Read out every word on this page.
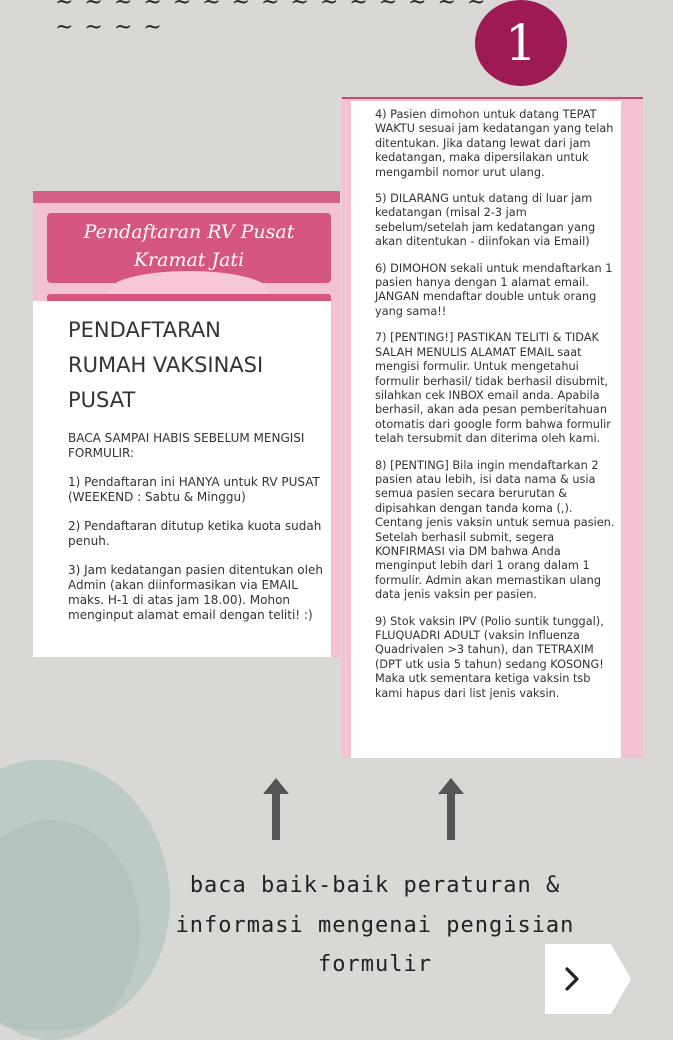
~ ~ ~ ~ ~ ~ ~ ~ ~ ~ ~ ~ ~ ~ ~ ~ ~ ~ ~	1
Pendaftaran RV Pusat
Kramat Jati
PENDAFTARAN
RUMAH VAKSINASI
PUSAT

BACA SAMPAI HABIS SEBELUM MENGISI FORMULIR:

1) Pendaftaran ini HANYA untuk RV PUSAT (WEEKEND : Sabtu & Minggu)

2) Pendaftaran ditutup ketika kuota sudah penuh.

3) Jam kedatangan pasien ditentukan oleh Admin (akan diinformasikan via EMAIL maks. H-1 di atas jam 18.00). Mohon menginput alamat email dengan teliti! :)

4) Pasien dimohon untuk datang TEPAT WAKTU sesuai jam kedatangan yang telah ditentukan. Jika datang lewat dari jam kedatangan, maka dipersilakan untuk mengambil nomor urut ulang.

5) DILARANG untuk datang di luar jam kedatangan (misal 2-3 jam sebelum/setelah jam kedatangan yang akan ditentukan - diinfokan via Email)

6) DIMOHON sekali untuk mendaftarkan 1 pasien hanya dengan 1 alamat email. JANGAN mendaftar double untuk orang yang sama!!

7) [PENTING!] PASTIKAN TELITI & TIDAK SALAH MENULIS ALAMAT EMAIL saat mengisi formulir. Untuk mengetahui formulir berhasil/ tidak berhasil disubmit, silahkan cek INBOX email anda. Apabila berhasil, akan ada pesan pemberitahuan otomatis dari google form bahwa formulir telah tersubmit dan diterima oleh kami.

8) [PENTING] Bila ingin mendaftarkan 2 pasien atau lebih, isi data nama & usia semua pasien secara berurutan & dipisahkan dengan tanda koma (,). Centang jenis vaksin untuk semua pasien. Setelah berhasil submit, segera KONFIRMASI via DM bahwa Anda menginput lebih dari 1 orang dalam 1 formulir. Admin akan memastikan ulang data jenis vaksin per pasien.

9) Stok vaksin IPV (Polio suntik tunggal), FLUQUADRI ADULT (vaksin Influenza Quadrivalen >3 tahun), dan TETRAXIM (DPT utk usia 5 tahun) sedang KOSONG! Maka utk sementara ketiga vaksin tsb kami hapus dari list jenis vaksin.

baca baik-baik peraturan &
informasi mengenai pengisian
formulir
